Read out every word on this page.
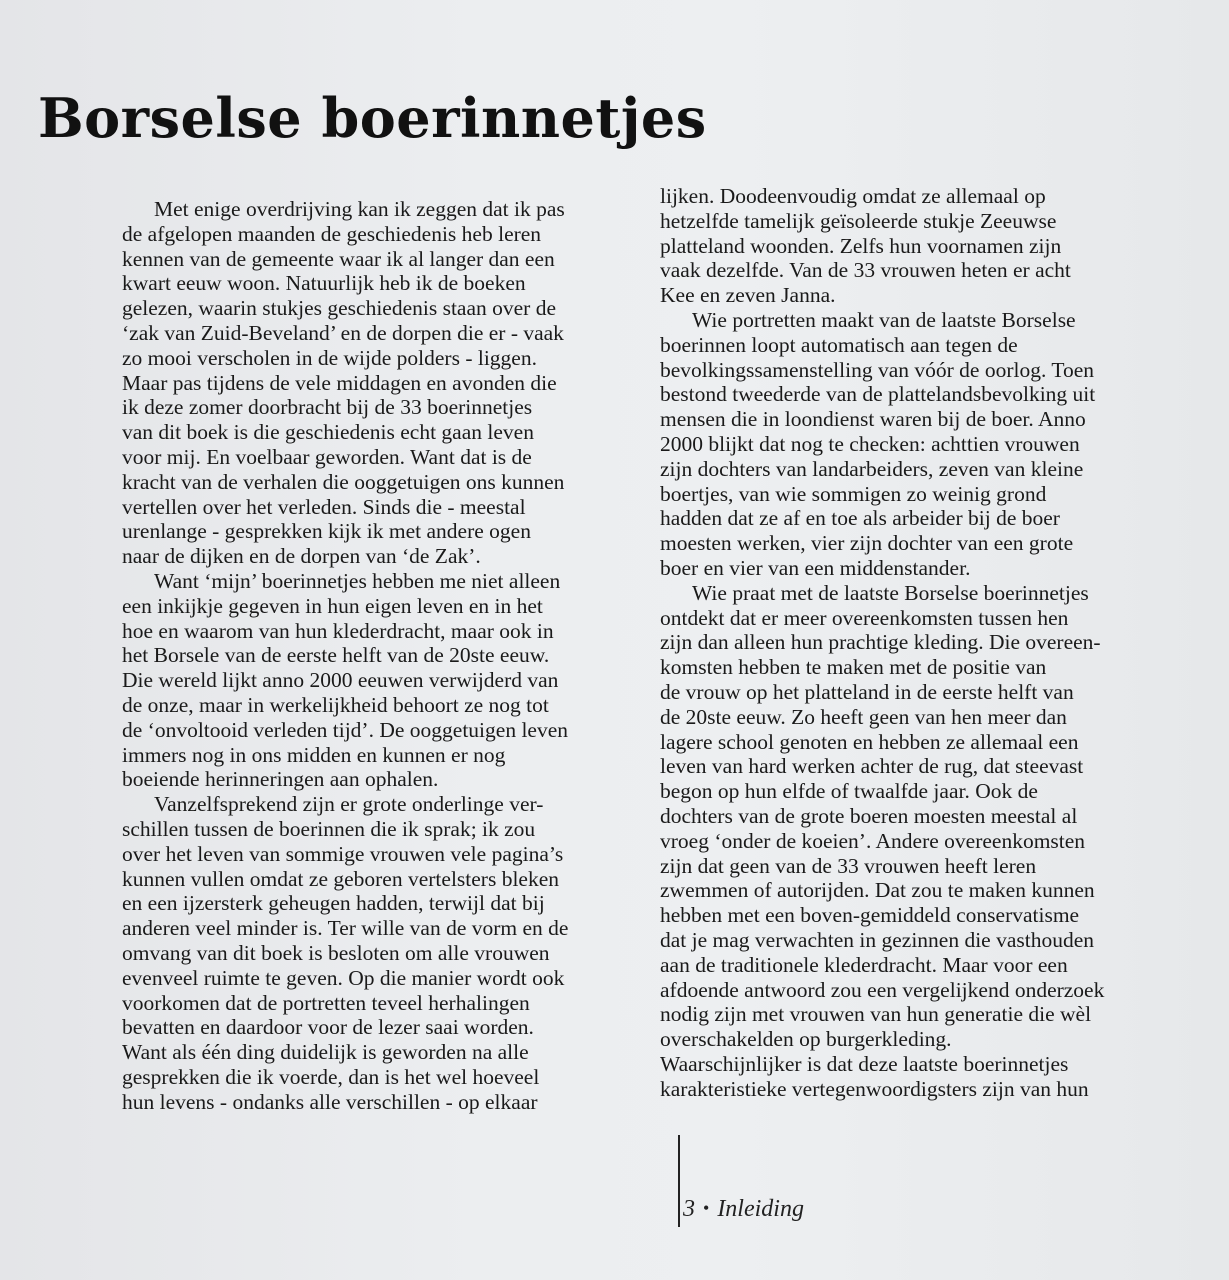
Borselse boerinnetjes

Met enige overdrijving kan ik zeggen dat ik pas
de afgelopen maanden de geschiedenis heb leren
kennen van de gemeente waar ik al langer dan een
kwart eeuw woon. Natuurlijk heb ik de boeken
gelezen, waarin stukjes geschiedenis staan over de
‘zak van Zuid-Beveland’ en de dorpen die er - vaak
zo mooi verscholen in de wijde polders - liggen.
Maar pas tijdens de vele middagen en avonden die
ik deze zomer doorbracht bij de 33 boerinnetjes
van dit boek is die geschiedenis echt gaan leven
voor mij. En voelbaar geworden. Want dat is de
kracht van de verhalen die ooggetuigen ons kunnen
vertellen over het verleden. Sinds die - meestal
urenlange - gesprekken kijk ik met andere ogen
naar de dijken en de dorpen van ‘de Zak’.

Want ‘mijn’ boerinnetjes hebben me niet alleen
een inkijkje gegeven in hun eigen leven en in het
hoe en waarom van hun klederdracht, maar ook in
het Borsele van de eerste helft van de 20ste eeuw.
Die wereld lijkt anno 2000 eeuwen verwijderd van
de onze, maar in werkelijkheid behoort ze nog tot
de ‘onvoltooid verleden tijd’. De ooggetuigen leven
immers nog in ons midden en kunnen er nog
boeiende herinneringen aan ophalen.

Vanzelfsprekend zijn er grote onderlinge ver-
schillen tussen de boerinnen die ik sprak; ik zou
over het leven van sommige vrouwen vele pagina’s
kunnen vullen omdat ze geboren vertelsters bleken
en een ijzersterk geheugen hadden, terwijl dat bij
anderen veel minder is. Ter wille van de vorm en de
omvang van dit boek is besloten om alle vrouwen
evenveel ruimte te geven. Op die manier wordt ook
voorkomen dat de portretten teveel herhalingen
bevatten en daardoor voor de lezer saai worden.
Want als één ding duidelijk is geworden na alle
gesprekken die ik voerde, dan is het wel hoeveel
hun levens - ondanks alle verschillen - op elkaar

lijken. Doodeenvoudig omdat ze allemaal op
hetzelfde tamelijk geïsoleerde stukje Zeeuwse
platteland woonden. Zelfs hun voornamen zijn
vaak dezelfde. Van de 33 vrouwen heten er acht
Kee en zeven Janna.

Wie portretten maakt van de laatste Borselse
boerinnen loopt automatisch aan tegen de
bevolkingssamenstelling van vóór de oorlog. Toen
bestond tweederde van de plattelandsbevolking uit
mensen die in loondienst waren bij de boer. Anno
2000 blijkt dat nog te checken: achttien vrouwen
zijn dochters van landarbeiders, zeven van kleine
boertjes, van wie sommigen zo weinig grond
hadden dat ze af en toe als arbeider bij de boer
moesten werken, vier zijn dochter van een grote
boer en vier van een middenstander.

Wie praat met de laatste Borselse boerinnetjes
ontdekt dat er meer overeenkomsten tussen hen
zijn dan alleen hun prachtige kleding. Die overeen-
komsten hebben te maken met de positie van
de vrouw op het platteland in de eerste helft van
de 20ste eeuw. Zo heeft geen van hen meer dan
lagere school genoten en hebben ze allemaal een
leven van hard werken achter de rug, dat steevast
begon op hun elfde of twaalfde jaar. Ook de
dochters van de grote boeren moesten meestal al
vroeg ‘onder de koeien’. Andere overeenkomsten
zijn dat geen van de 33 vrouwen heeft leren
zwemmen of autorijden. Dat zou te maken kunnen
hebben met een boven-gemiddeld conservatisme
dat je mag verwachten in gezinnen die vasthouden
aan de traditionele klederdracht. Maar voor een
afdoende antwoord zou een vergelijkend onderzoek
nodig zijn met vrouwen van hun generatie die wèl
overschakelden op burgerkleding.

Waarschijnlijker is dat deze laatste boerinnetjes
karakteristieke vertegenwoordigsters zijn van hun

3 • Inleiding
